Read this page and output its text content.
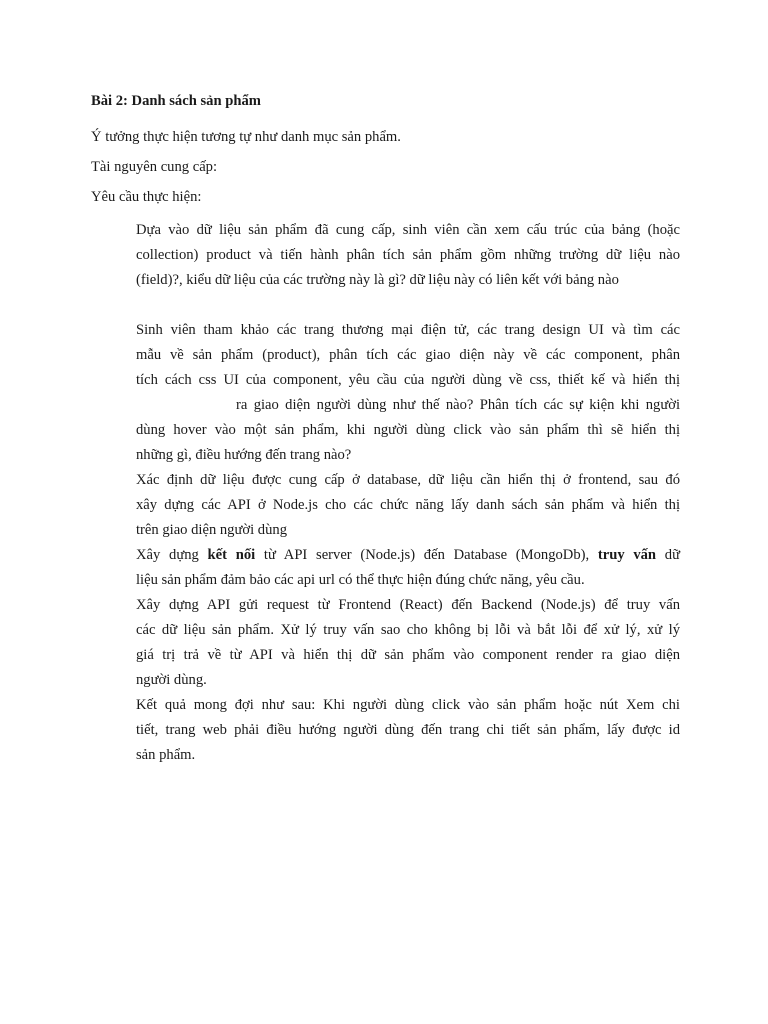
Bài 2: Danh sách sản phẩm
Ý tưởng thực hiện tương tự như danh mục sản phẩm.
Tài nguyên cung cấp:
Yêu cầu thực hiện:
Dựa vào dữ liệu sản phẩm đã cung cấp, sinh viên cần xem cấu trúc của bảng (hoặc
collection) product và tiến hành phân tích sản phẩm gồm những trường dữ liệu nào
(field)?, kiểu dữ liệu của các trường này là gì? dữ liệu này có liên kết với bảng nào
Sinh viên tham khảo các trang thương mại điện tử, các trang design UI và tìm các
mẫu về sản phẩm (product), phân tích các giao diện này về các component, phân
tích cách css UI của component, yêu cầu của người dùng về css, thiết kế và hiển thị
ra giao diện người dùng như thế nào? Phân tích các sự kiện khi người
dùng hover vào một sản phẩm, khi người dùng click vào sản phẩm thì sẽ hiển thị
những gì, điều hướng đến trang nào?
Xác định dữ liệu được cung cấp ở database, dữ liệu cần hiển thị ở frontend, sau đó
xây dựng các API ở Node.js cho các chức năng lấy danh sách sản phẩm và hiển thị
trên giao diện người dùng
Xây dựng kết nối từ API server (Node.js) đến Database (MongoDb), truy vấn dữ
liệu sản phẩm đảm bảo các api url có thể thực hiện đúng chức năng, yêu cầu.
Xây dựng API gửi request từ Frontend (React) đến Backend (Node.js) để truy vấn
các dữ liệu sản phẩm. Xử lý truy vấn sao cho không bị lỗi và bắt lỗi để xử lý, xử lý
giá trị trả về từ API và hiển thị dữ sản phẩm vào component render ra giao diện
người dùng.
Kết quả mong đợi như sau: Khi người dùng click vào sản phẩm hoặc nút Xem chi
tiết, trang web phải điều hướng người dùng đến trang chi tiết sản phẩm, lấy được id
sản phẩm.
